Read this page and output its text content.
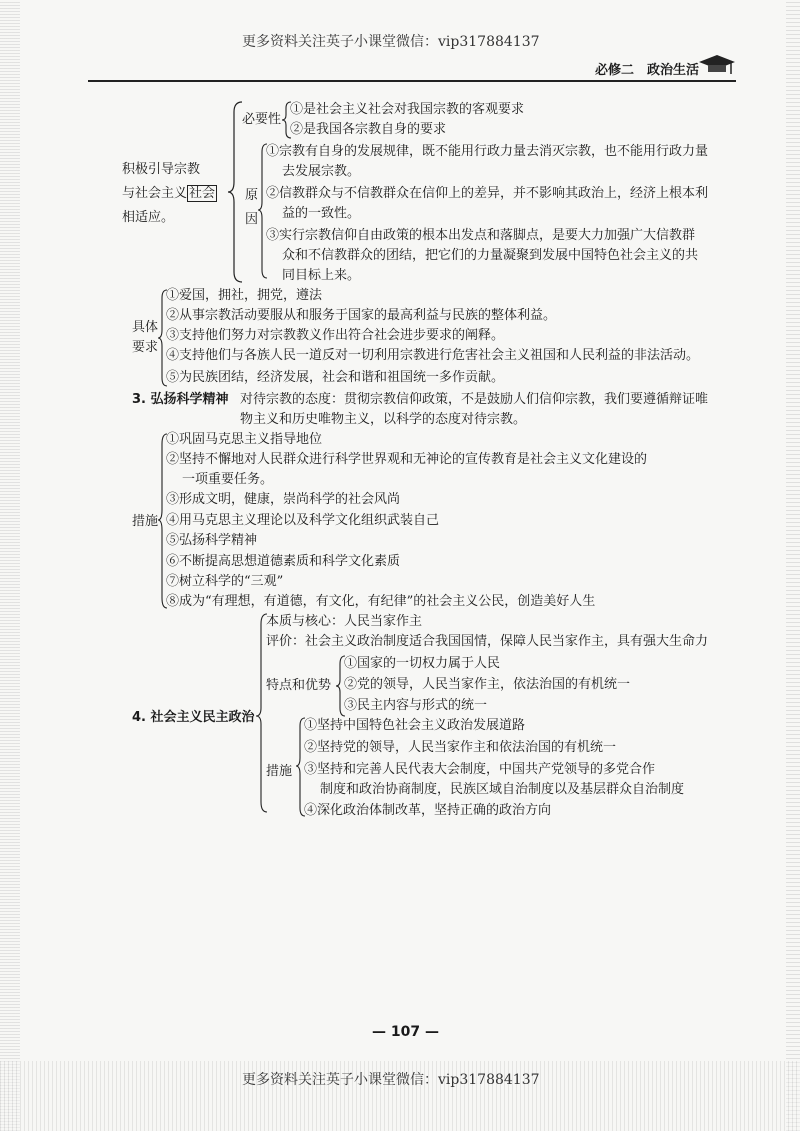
更多资料关注英子小课堂微信：vip317884137
必修二　政治生活
积极引导宗教
与社会主义 社会
相适应。
必要性
①是社会主义社会对我国宗教的客观要求
②是我国各宗教自身的要求
原
因
①宗教有自身的发展规律，既不能用行政力量去消灭宗教，也不能用行政力量
去发展宗教。
②信教群众与不信教群众在信仰上的差异，并不影响其政治上，经济上根本利
益的一致性。
③实行宗教信仰自由政策的根本出发点和落脚点，是要大力加强广大信教群
众和不信教群众的团结，把它们的力量凝聚到发展中国特色社会主义的共
同目标上来。
具体
要求
①爱国，拥社，拥党，遵法
②从事宗教活动要服从和服务于国家的最高利益与民族的整体利益。
③支持他们努力对宗教教义作出符合社会进步要求的阐释。
④支持他们与各族人民一道反对一切利用宗教进行危害社会主义祖国和人民利益的非法活动。
⑤为民族团结，经济发展，社会和谐和祖国统一多作贡献。
3. 弘扬科学精神 对待宗教的态度：贯彻宗教信仰政策，不是鼓励人们信仰宗教，我们要遵循辩证唯
物主义和历史唯物主义，以科学的态度对待宗教。
措施
①巩固马克思主义指导地位
②坚持不懈地对人民群众进行科学世界观和无神论的宣传教育是社会主义文化建设的
一项重要任务。
③形成文明，健康，崇尚科学的社会风尚
④用马克思主义理论以及科学文化组织武装自己
⑤弘扬科学精神
⑥不断提高思想道德素质和科学文化素质
⑦树立科学的“三观”
⑧成为“有理想，有道德，有文化，有纪律”的社会主义公民，创造美好人生
4. 社会主义民主政治
本质与核心：人民当家作主
评价：社会主义政治制度适合我国国情，保障人民当家作主，具有强大生命力
特点和优势
①国家的一切权力属于人民
②党的领导，人民当家作主，依法治国的有机统一
③民主内容与形式的统一
措施
①坚持中国特色社会主义政治发展道路
②坚持党的领导，人民当家作主和依法治国的有机统一
③坚持和完善人民代表大会制度，中国共产党领导的多党合作
制度和政治协商制度，民族区域自治制度以及基层群众自治制度
④深化政治体制改革，坚持正确的政治方向
— 107 —
更多资料关注英子小课堂微信：vip317884137
